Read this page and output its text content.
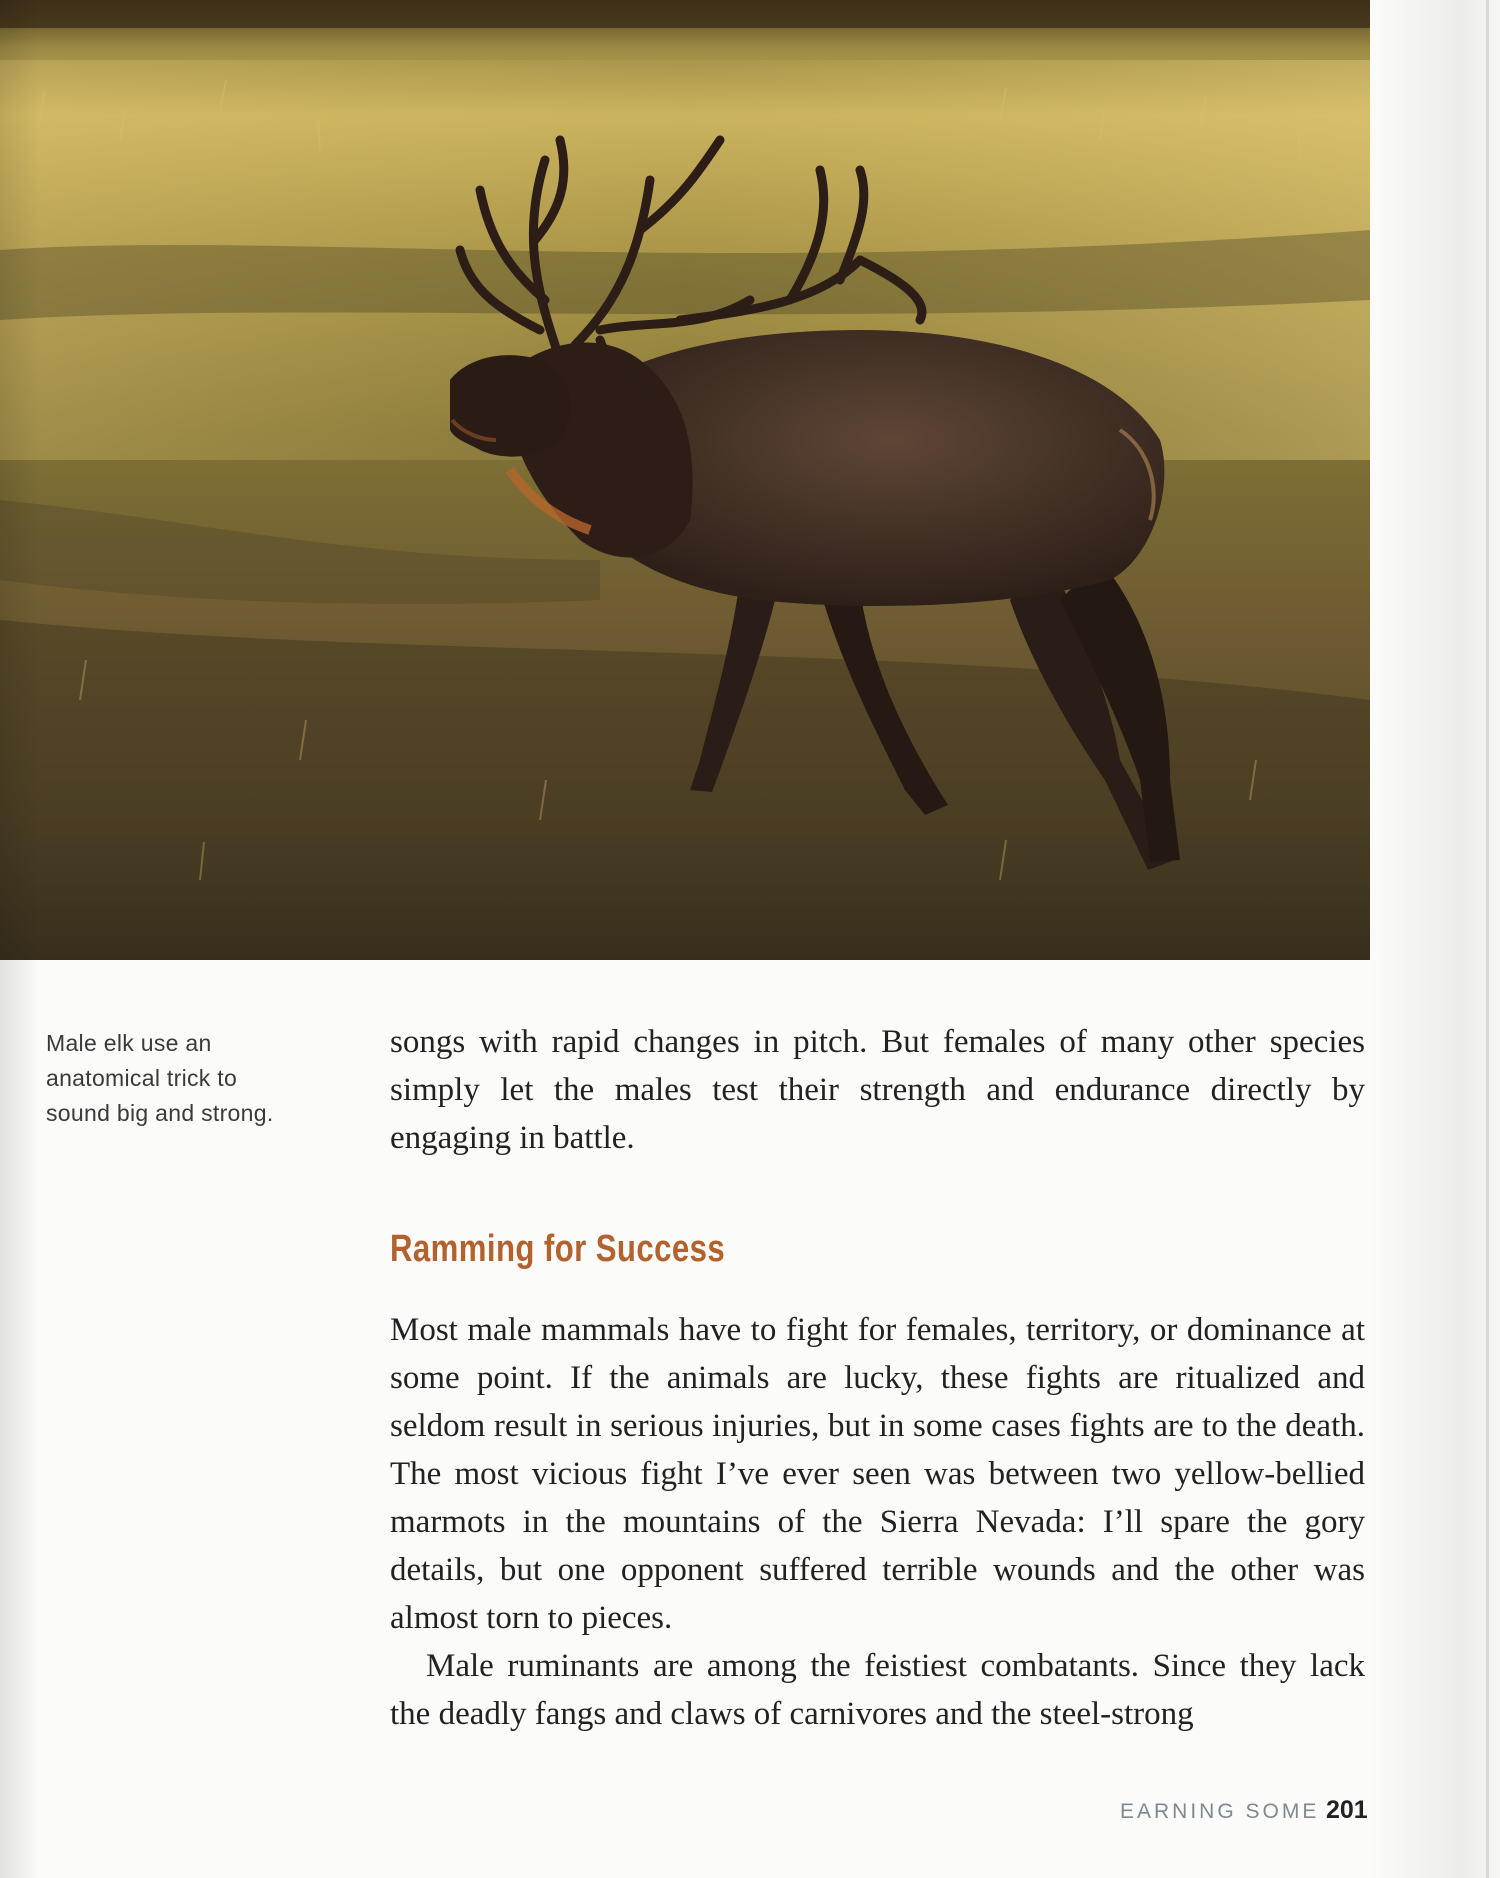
Male elk use an anatomical trick to sound big and strong.
songs with rapid changes in pitch. But females of many other species simply let the males test their strength and endurance directly by engaging in battle.
Ramming for Success

Most male mammals have to fight for females, territory, or dominance at some point. If the animals are lucky, these fights are ritualized and seldom result in serious injuries, but in some cases fights are to the death. The most vicious fight I’ve ever seen was between two yellow-bellied marmots in the mountains of the Sierra Nevada: I’ll spare the gory details, but one opponent suffered terrible wounds and the other was almost torn to pieces.

Male ruminants are among the feistiest combatants. Since they lack the deadly fangs and claws of carnivores and the steel-strong

EARNING SOME 201
